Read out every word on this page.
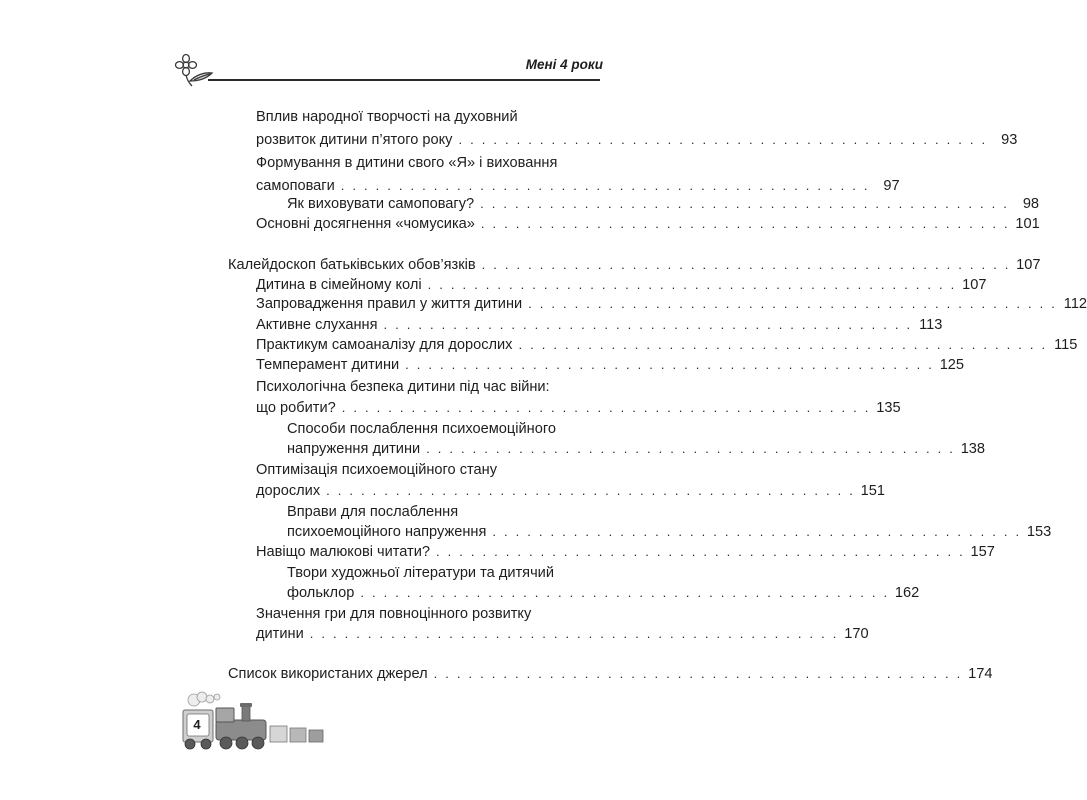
Мені 4 роки
Вплив народної творчості на духовний
розвиток дитини п’ятого року . . . . . . . . . . . . . . . . . . . . . . . . . . . . . . . . . . . . . . . . . . . . . . 93
Формування в дитини свого «Я» і виховання
самоповаги . . . . . . . . . . . . . . . . . . . . . . . . . . . . . . . . . . . . . . . . . . . . . . 97
Як виховувати самоповагу? . . . . . . . . . . . . . . . . . . . . . . . . . . . . . . . . . . . . . . . . . . . . . . 98
Основні досягнення «чомусика» . . . . . . . . . . . . . . . . . . . . . . . . . . . . . . . . . . . . . . . . . . . . . . 101
Калейдоскоп батьківських обов’язків . . . . . . . . . . . . . . . . . . . . . . . . . . . . . . . . . . . . . . . . . . . . . . 107
Дитина в сімейному колі . . . . . . . . . . . . . . . . . . . . . . . . . . . . . . . . . . . . . . . . . . . . . . 107
Запровадження правил у життя дитини . . . . . . . . . . . . . . . . . . . . . . . . . . . . . . . . . . . . . . . . . . . . . . 112
Активне слухання . . . . . . . . . . . . . . . . . . . . . . . . . . . . . . . . . . . . . . . . . . . . . . 113
Практикум самоаналізу для дорослих . . . . . . . . . . . . . . . . . . . . . . . . . . . . . . . . . . . . . . . . . . . . . . 115
Темперамент дитини . . . . . . . . . . . . . . . . . . . . . . . . . . . . . . . . . . . . . . . . . . . . . . 125
Психологічна безпека дитини під час війни:
що робити? . . . . . . . . . . . . . . . . . . . . . . . . . . . . . . . . . . . . . . . . . . . . . . 135
Способи послаблення психоемоційного
напруження дитини . . . . . . . . . . . . . . . . . . . . . . . . . . . . . . . . . . . . . . . . . . . . . . 138
Оптимізація психоемоційного стану
дорослих . . . . . . . . . . . . . . . . . . . . . . . . . . . . . . . . . . . . . . . . . . . . . . 151
Вправи для послаблення
психоемоційного напруження . . . . . . . . . . . . . . . . . . . . . . . . . . . . . . . . . . . . . . . . . . . . . . 153
Навіщо малюкові читати? . . . . . . . . . . . . . . . . . . . . . . . . . . . . . . . . . . . . . . . . . . . . . . 157
Твори художньої літератури та дитячий
фольклор . . . . . . . . . . . . . . . . . . . . . . . . . . . . . . . . . . . . . . . . . . . . . . 162
Значення гри для повноцінного розвитку
дитини . . . . . . . . . . . . . . . . . . . . . . . . . . . . . . . . . . . . . . . . . . . . . . 170
Список використаних джерел . . . . . . . . . . . . . . . . . . . . . . . . . . . . . . . . . . . . . . . . . . . . . . 174
4
